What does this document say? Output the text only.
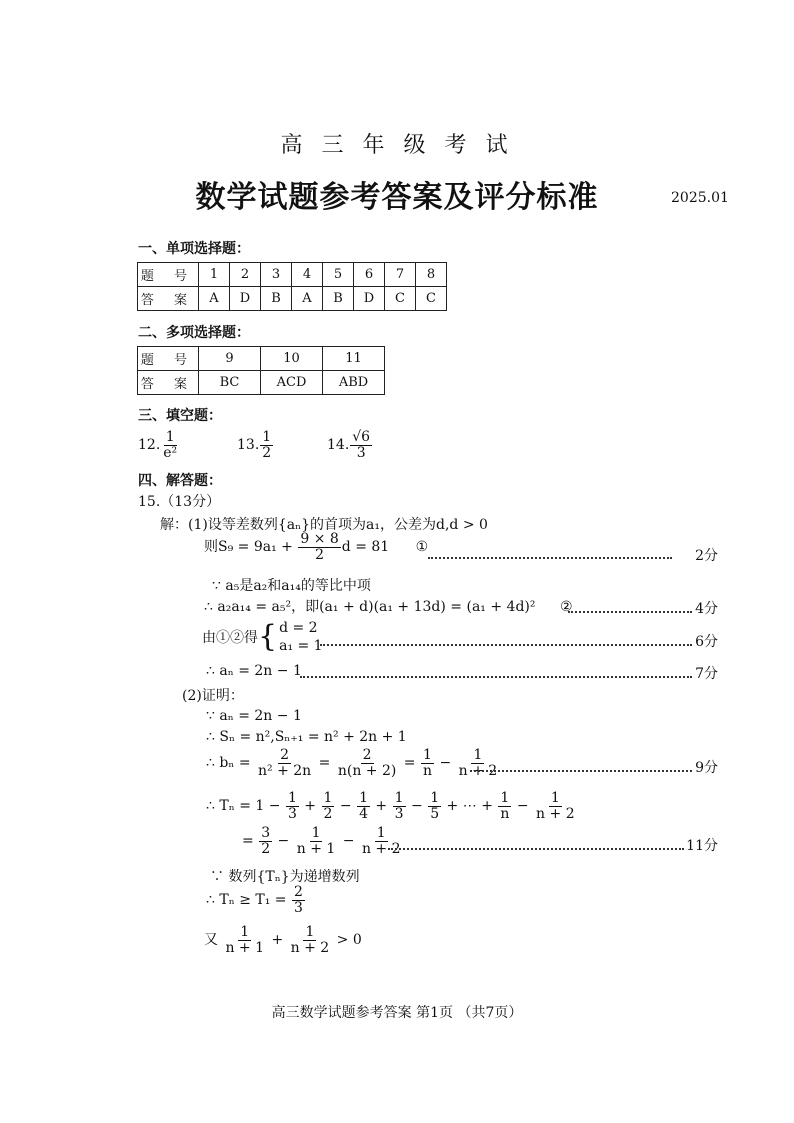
高 三 年 级 考 试
数学试题参考答案及评分标准	2025.01
一、单项选择题：
题 号	1	2	3	4	5	6	7	8
答 案	A	D	B	A	B	D	C	C
二、多项选择题：
题 号	9	10	11
答 案	BC	ACD	ABD
三、填空题：
12. $\frac{1}{\text{e²}}$	13. $\frac{1}{2}$	14. $\frac{√6}{3}$
四、解答题：
15.（13分）
解：(1)设等差数列{aₙ}的首项为a₁，公差为d,d > 0
则$S_9 = 9a_1 + \frac{9 \times 8}{2}$ d = 81 ①
2分
∵ a₅是a₂和a₁₄的等比中项
∴ a₂a₁₄ = a₅²，即(a₁ + d)(a₁ + 13d) = (a₁ + 4d)² ②	4分
由①②得{ d = 2
a₁ = 1	6分
∴ aₙ = 2n − 1	7分
(2)证明：
∵ aₙ = 2n − 1
∴ Sₙ = n²,Sₙ₊₁ = n² + 2n + 1
∴ $b_n = \frac{2}{\text{n² + 2n}} = \frac{2}{n(n + 2)} = \frac{1}{n} - \frac{1}{n + 2}$	9分
∴ $T_n = 1 - \frac{1}{3} + \frac{1}{2} - \frac{1}{4} + \frac{1}{3} - \frac{1}{5}$ + ⋯ + $\frac{1}{n} - \frac{1}{n + 2}$
= $\frac{3}{2} - \frac{1}{n + 1} - \frac{1}{n + 2}$	11分
∵ 数列{Tₙ}为递增数列
∴ $T_n \ge T_1 = \frac{2}{3}$
又 $\frac{1}{n + 1} + \frac{1}{n + 2} > 0$
高三数学试题参考答案 第1页 （共7页）
